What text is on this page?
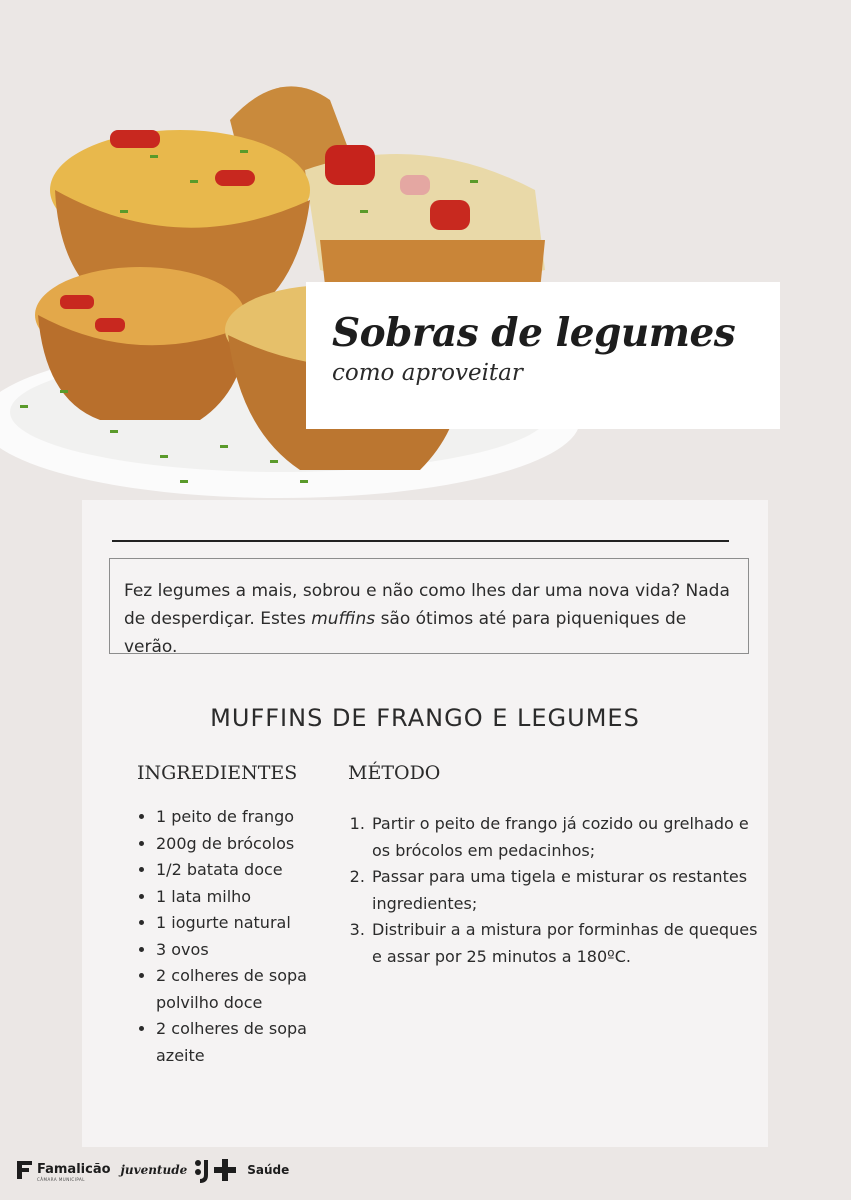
Sobras de legumes
como aproveitar
Fez legumes a mais, sobrou e não como lhes dar uma nova vida? Nada de desperdiçar. Estes muffins são ótimos até para piqueniques de verão.
MUFFINS DE FRANGO E LEGUMES
INGREDIENTES	MÉTODO
• 1 peito de frango
• 200g de brócolos
• 1/2 batata doce
• 1 lata milho
• 1 iogurte natural
• 3 ovos
• 2 colheres de sopa polvilho doce
• 2 colheres de sopa azeite
1. Partir o peito de frango já cozido ou grelhado e os brócolos em pedacinhos;
2. Passar para uma tigela e misturar os restantes ingredientes;
3. Distribuir a a mistura por forminhas de queques e assar por 25 minutos a 180ºC.
Famalicão
CÂMARA MUNICIPAL
juventude	Saúde
